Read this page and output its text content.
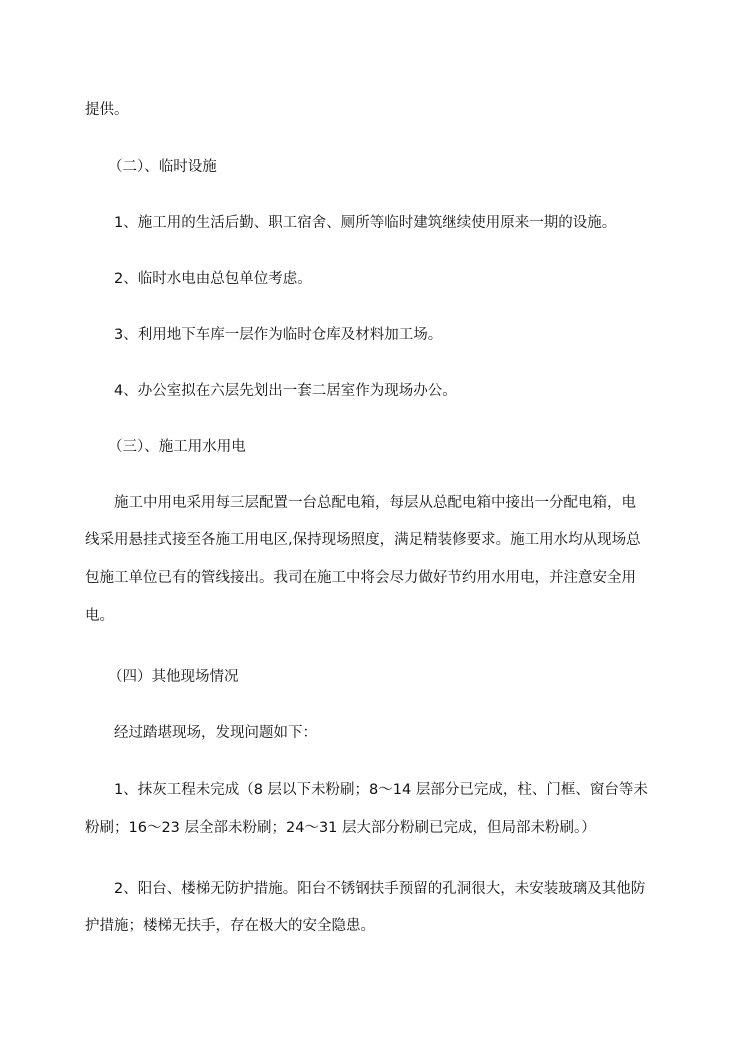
提供。
（二）、临时设施
1、施工用的生活后勤、职工宿舍、厕所等临时建筑继续使用原来一期的设施。
2、临时水电由总包单位考虑。
3、利用地下车库一层作为临时仓库及材料加工场。
4、办公室拟在六层先划出一套二居室作为现场办公。
（三）、施工用水用电
施工中用电采用每三层配置一台总配电箱，每层从总配电箱中接出一分配电箱，电
线采用悬挂式接至各施工用电区,保持现场照度，满足精装修要求。施工用水均从现场总
包施工单位已有的管线接出。我司在施工中将会尽力做好节约用水用电，并注意安全用
电。
（四）其他现场情况
经过踏堪现场，发现问题如下：
1、抹灰工程未完成（8 层以下未粉刷；8～14 层部分已完成，柱、门框、窗台等未
粉刷；16～23 层全部未粉刷；24～31 层大部分粉刷已完成，但局部未粉刷。）
2、阳台、楼梯无防护措施。阳台不锈钢扶手预留的孔洞很大，未安装玻璃及其他防
护措施；楼梯无扶手，存在极大的安全隐患。
